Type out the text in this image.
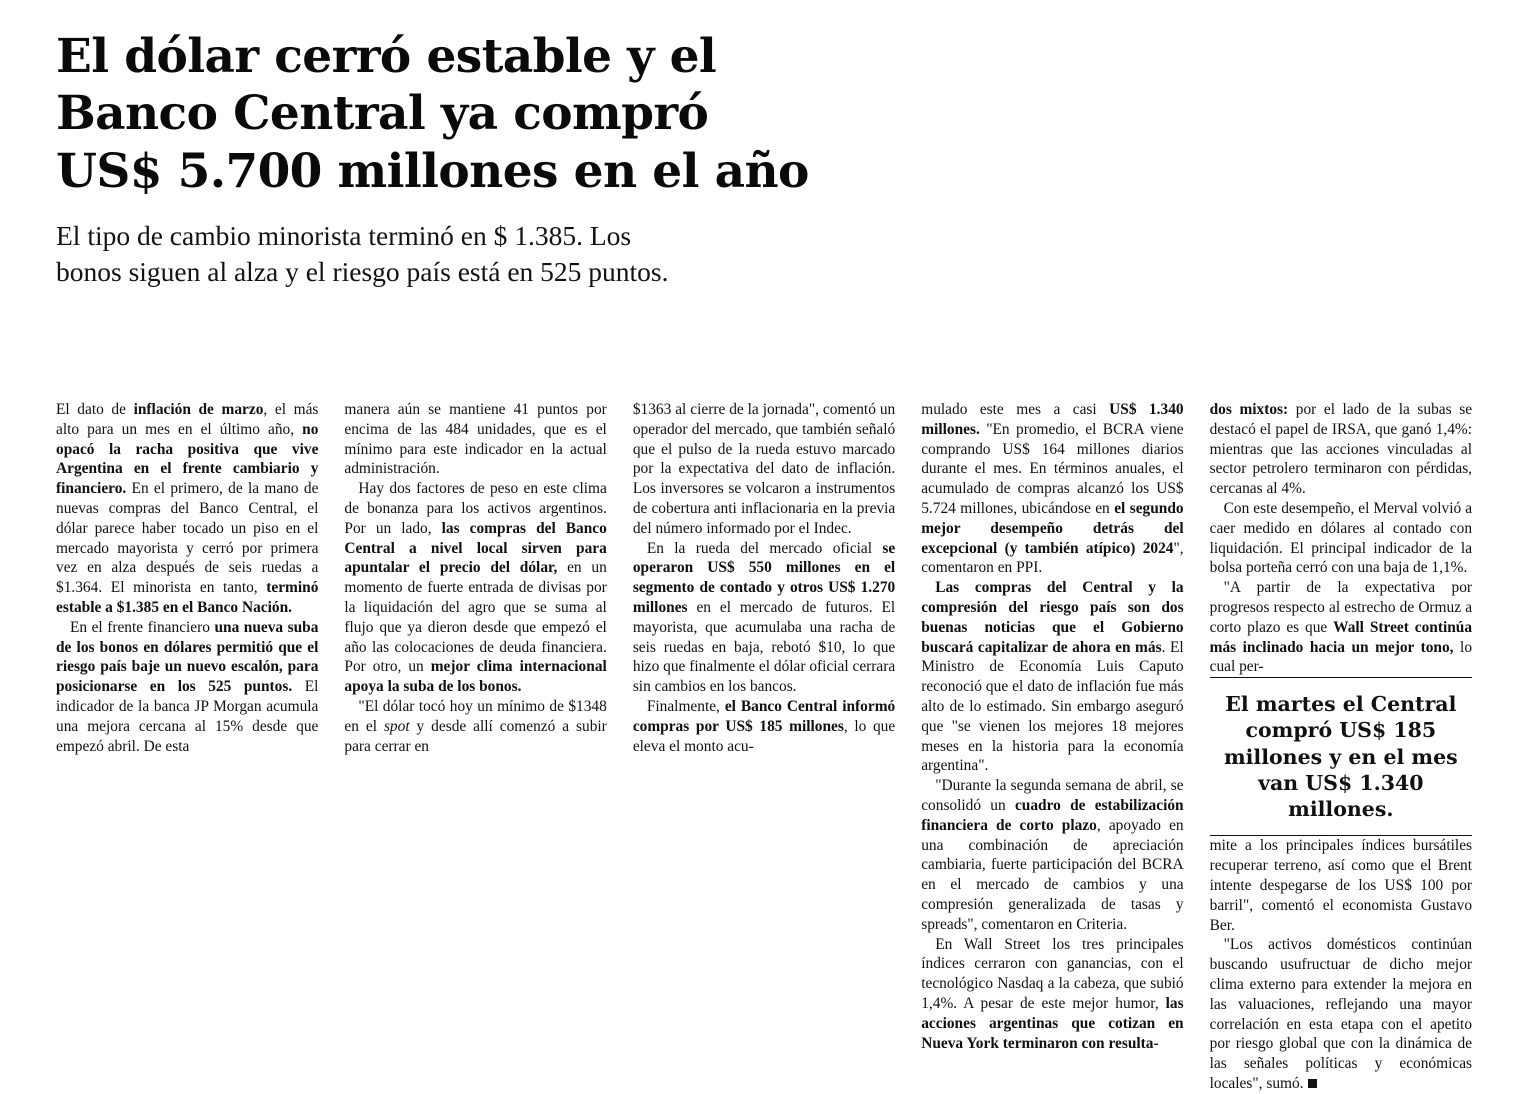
El dólar cerró estable y el
Banco Central ya compró
US$ 5.700 millones en el año
El tipo de cambio minorista terminó en $ 1.385. Los
bonos siguen al alza y el riesgo país está en 525 puntos.

El dato de inflación de marzo, el más alto para un mes en el último año, no opacó la racha positiva que vive Argentina en el frente cambiario y financiero. En el primero, de la mano de nuevas compras del Banco Central, el dólar parece haber tocado un piso en el mercado mayorista y cerró por primera vez en alza después de seis ruedas a $1.364. El minorista en tanto, terminó estable a $1.385 en el Banco Nación.

En el frente financiero una nueva suba de los bonos en dólares permitió que el riesgo país baje un nuevo escalón, para posicionarse en los 525 puntos. El indicador de la banca JP Morgan acumula una mejora cercana al 15% desde que empezó abril. De esta

manera aún se mantiene 41 puntos por encima de las 484 unidades, que es el mínimo para este indicador en la actual administración.

Hay dos factores de peso en este clima de bonanza para los activos argentinos. Por un lado, las compras del Banco Central a nivel local sirven para apuntalar el precio del dólar, en un momento de fuerte entrada de divisas por la liquidación del agro que se suma al flujo que ya dieron desde que empezó el año las colocaciones de deuda financiera. Por otro, un mejor clima internacional apoya la suba de los bonos.

"El dólar tocó hoy un mínimo de $1348 en el spot y desde allí comenzó a subir para cerrar en

$1363 al cierre de la jornada", comentó un operador del mercado, que también señaló que el pulso de la rueda estuvo marcado por la expectativa del dato de inflación. Los inversores se volcaron a instrumentos de cobertura anti inflacionaria en la previa del número informado por el Indec.

En la rueda del mercado oficial se operaron US$ 550 millones en el segmento de contado y otros US$ 1.270 millones en el mercado de futuros. El mayorista, que acumulaba una racha de seis ruedas en baja, rebotó $10, lo que hizo que finalmente el dólar oficial cerrara sin cambios en los bancos.

Finalmente, el Banco Central informó compras por US$ 185 millones, lo que eleva el monto acu-

mulado este mes a casi US$ 1.340 millones. "En promedio, el BCRA viene comprando US$ 164 millones diarios durante el mes. En términos anuales, el acumulado de compras alcanzó los US$ 5.724 millones, ubicándose en el segundo mejor desempeño detrás del excepcional (y también atípico) 2024", comentaron en PPI.

Las compras del Central y la compresión del riesgo país son dos buenas noticias que el Gobierno buscará capitalizar de ahora en más. El Ministro de Economía Luis Caputo reconoció que el dato de inflación fue más alto de lo estimado. Sin embargo aseguró que "se vienen los mejores 18 mejores meses en la historia para la economía argentina".

"Durante la segunda semana de abril, se consolidó un cuadro de estabilización financiera de corto plazo, apoyado en una combinación de apreciación cambiaria, fuerte participación del BCRA en el mercado de cambios y una compresión generalizada de tasas y spreads", comentaron en Criteria.

En Wall Street los tres principales índices cerraron con ganancias, con el tecnológico Nasdaq a la cabeza, que subió 1,4%. A pesar de este mejor humor, las acciones argentinas que cotizan en Nueva York terminaron con resulta-

dos mixtos: por el lado de la subas se destacó el papel de IRSA, que ganó 1,4%: mientras que las acciones vinculadas al sector petrolero terminaron con pérdidas, cercanas al 4%.

Con este desempeño, el Merval volvió a caer medido en dólares al contado con liquidación. El principal indicador de la bolsa porteña cerró con una baja de 1,1%.

"A partir de la expectativa por progresos respecto al estrecho de Ormuz a corto plazo es que Wall Street continúa más inclinado hacia un mejor tono, lo cual per-

El martes el Central compró US$ 185 millones y en el mes van US$ 1.340 millones.

mite a los principales índices bursátiles recuperar terreno, así como que el Brent intente despegarse de los US$ 100 por barril", comentó el economista Gustavo Ber.

"Los activos domésticos continúan buscando usufructuar de dicho mejor clima externo para extender la mejora en las valuaciones, reflejando una mayor correlación en esta etapa con el apetito por riesgo global que con la dinámica de las señales políticas y económicas locales", sumó.
